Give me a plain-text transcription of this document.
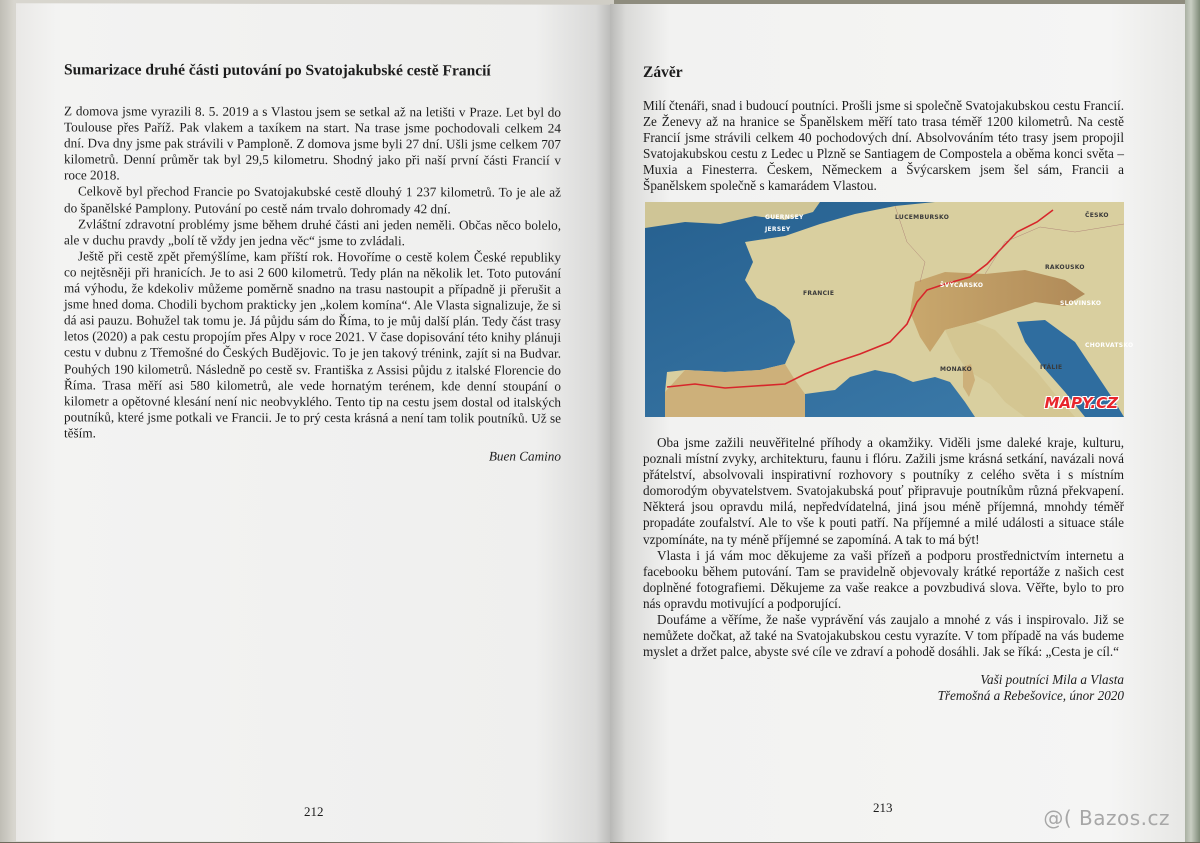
Sumarizace druhé části putování po Svatojakubské cestě Francií

Z domova jsme vyrazili 8. 5. 2019 a s Vlastou jsem se setkal až na letišti v Praze. Let byl do Toulouse přes Paříž. Pak vlakem a taxíkem na start. Na trase jsme pochodovali celkem 24 dní. Dva dny jsme pak strávili v Pamploně. Z domova jsme byli 27 dní. Ušli jsme celkem 707 kilometrů. Denní průměr tak byl 29,5 kilometru. Shodný jako při naší první části Francií v roce 2018.

Celkově byl přechod Francie po Svatojakubské cestě dlouhý 1 237 kilometrů. To je ale až do španělské Pamplony. Putování po cestě nám trvalo dohromady 42 dní.

Zvláštní zdravotní problémy jsme během druhé části ani jeden neměli. Občas něco bolelo, ale v duchu pravdy „bolí tě vždy jen jedna věc“ jsme to zvládali.

Ještě při cestě zpět přemýšlíme, kam příští rok. Hovoříme o cestě kolem České republiky co nejtěsněji při hranicích. Je to asi 2 600 kilometrů. Tedy plán na několik let. Toto putování má výhodu, že kdekoliv můžeme poměrně snadno na trasu nastoupit a případně ji přerušit a jsme hned doma. Chodili bychom prakticky jen „kolem komína“. Ale Vlasta signalizuje, že si dá asi pauzu. Bohužel tak tomu je. Já půjdu sám do Říma, to je můj další plán. Tedy část trasy letos (2020) a pak cestu propojím přes Alpy v roce 2021. V čase dopisování této knihy plánuji cestu v dubnu z Třemošné do Českých Budějovic. To je jen takový trénink, zajít si na Budvar. Pouhých 190 kilometrů. Následně po cestě sv. Františka z Assisi půjdu z italské Florencie do Říma. Trasa měří asi 580 kilometrů, ale vede hornatým terénem, kde denní stoupání o kilometr a opětovné klesání není nic neobvyklého. Tento tip na cestu jsem dostal od italských poutníků, které jsme potkali ve Francii. Je to prý cesta krásná a není tam tolik poutníků. Už se těším.

Buen Camino

212
Závěr
Milí čtenáři, snad i budoucí poutníci. Prošli jsme si společně Svatojakubskou cestu Francií. Ze Ženevy až na hranice se Španělskem měří tato trasa téměř 1200 kilometrů. Na cestě Francií jsme strávili celkem 40 pochodových dní. Absolvováním této trasy jsem propojil Svatojakubskou cestu z Ledec u Plzně se Santiagem de Compostela a oběma konci světa – Muxia a Finesterra. Českem, Německem a Švýcarskem jsem šel sám, Francii a Španělskem společně s kamarádem Vlastou.
FRANCIE
ŠVÝCARSKO
ČESKO
RAKOUSKO
SLOVINSKO
CHORVATSKO
ITÁLIE
LUCEMBURSKO
GUERNSEY
JERSEY
MONAKO
MAPY.CZ

Oba jsme zažili neuvěřitelné příhody a okamžiky. Viděli jsme daleké kraje, kulturu, poznali místní zvyky, architekturu, faunu i flóru. Zažili jsme krásná setkání, navázali nová přátelství, absolvovali inspirativní rozhovory s poutníky z celého světa i s místním domorodým obyvatelstvem. Svatojakubská pouť připravuje poutníkům různá překvapení. Některá jsou opravdu milá, nepředvídatelná, jiná jsou méně příjemná, mnohdy téměř propadáte zoufalství. Ale to vše k pouti patří. Na příjemné a milé události a situace stále vzpomínáte, na ty méně příjemné se zapomíná. A tak to má být!

Vlasta i já vám moc děkujeme za vaši přízeň a podporu prostřednictvím internetu a facebooku během putování. Tam se pravidelně objevovaly krátké reportáže z našich cest doplněné fotografiemi. Děkujeme za vaše reakce a povzbudivá slova. Věřte, bylo to pro nás opravdu motivující a podporující.

Doufáme a věříme, že naše vyprávění vás zaujalo a mnohé z vás i inspirovalo. Již se nemůžete dočkat, až také na Svatojakubskou cestu vyrazíte. V tom případě na vás budeme myslet a držet palce, abyste své cíle ve zdraví a pohodě dosáhli. Jak se říká: „Cesta je cíl.“

Vaši poutníci Mila a Vlasta

Třemošná a Rebešovice, únor 2020

213	@( Bazos.cz
